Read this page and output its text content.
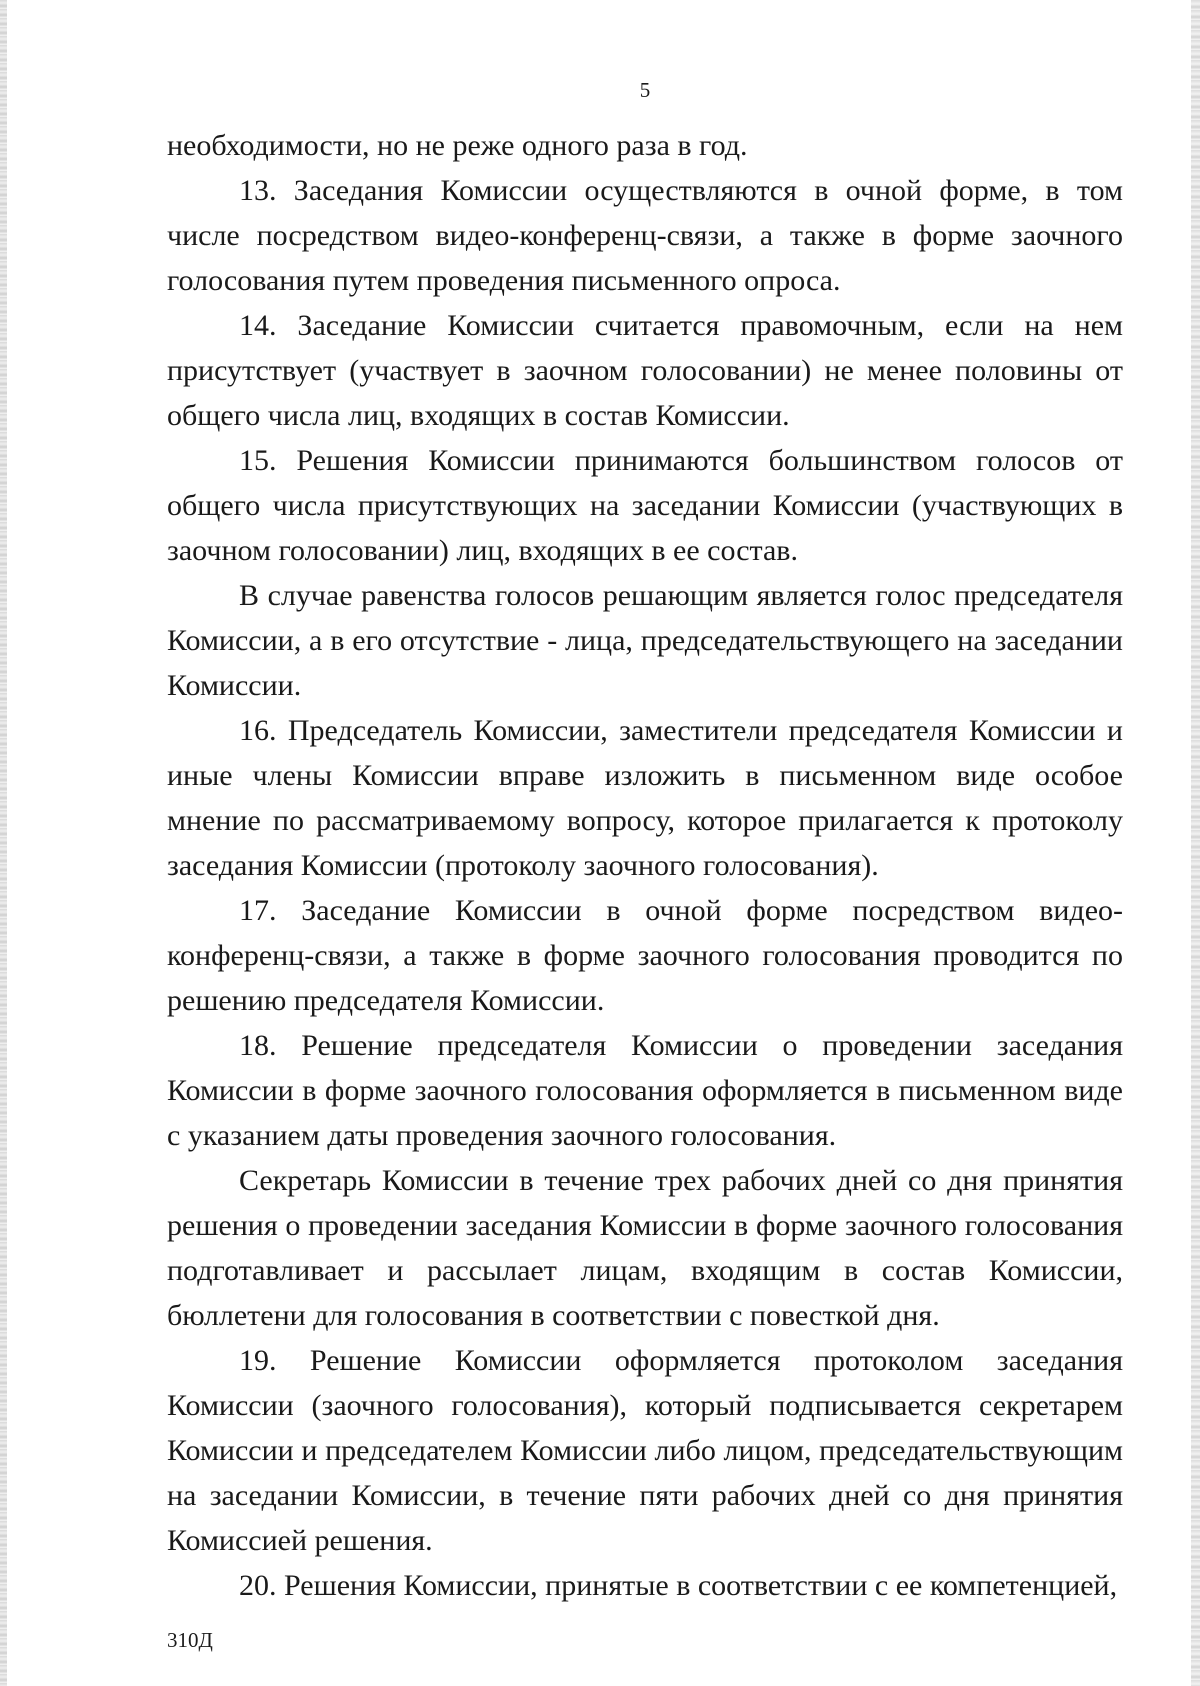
5

необходимости, но не реже одного раза в год.

13. Заседания Комиссии осуществляются в очной форме, в том числе посредством видео-конференц-связи, а также в форме заочного голосования путем проведения письменного опроса.

14. Заседание Комиссии считается правомочным, если на нем присутствует (участвует в заочном голосовании) не менее половины от общего числа лиц, входящих в состав Комиссии.

15. Решения Комиссии принимаются большинством голосов от общего числа присутствующих на заседании Комиссии (участвующих в заочном голосовании) лиц, входящих в ее состав.

В случае равенства голосов решающим является голос председателя Комиссии, а в его отсутствие - лица, председательствующего на заседании Комиссии.

16. Председатель Комиссии, заместители председателя Комиссии и иные члены Комиссии вправе изложить в письменном виде особое мнение по рассматриваемому вопросу, которое прилагается к протоколу заседания Комиссии (протоколу заочного голосования).

17. Заседание Комиссии в очной форме посредством видео-конференц-связи, а также в форме заочного голосования проводится по решению председателя Комиссии.

18. Решение председателя Комиссии о проведении заседания Комиссии в форме заочного голосования оформляется в письменном виде с указанием даты проведения заочного голосования.

Секретарь Комиссии в течение трех рабочих дней со дня принятия решения о проведении заседания Комиссии в форме заочного голосования подготавливает и рассылает лицам, входящим в состав Комиссии, бюллетени для голосования в соответствии с повесткой дня.

19. Решение Комиссии оформляется протоколом заседания Комиссии (заочного голосования), который подписывается секретарем Комиссии и председателем Комиссии либо лицом, председательствующим на заседании Комиссии, в течение пяти рабочих дней со дня принятия Комиссией решения.

20. Решения Комиссии, принятые в соответствии с ее компетенцией,

310Д
